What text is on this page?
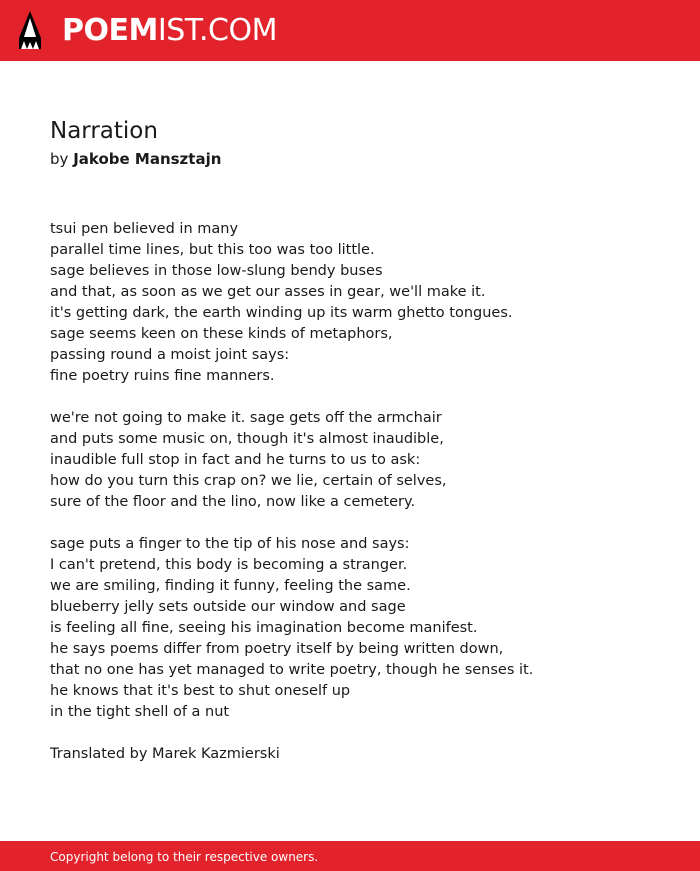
POEMIST.COM
Narration
by Jakobe Mansztajn
tsui pen believed in many
parallel time lines, but this too was too little.
sage believes in those low-slung bendy buses
and that, as soon as we get our asses in gear, we'll make it.
it's getting dark, the earth winding up its warm ghetto tongues.
sage seems keen on these kinds of metaphors,
passing round a moist joint says:
fine poetry ruins fine manners.
we're not going to make it. sage gets off the armchair
and puts some music on, though it's almost inaudible,
inaudible full stop in fact and he turns to us to ask:
how do you turn this crap on? we lie, certain of selves,
sure of the floor and the lino, now like a cemetery.
sage puts a finger to the tip of his nose and says:
I can't pretend, this body is becoming a stranger.
we are smiling, finding it funny, feeling the same.
blueberry jelly sets outside our window and sage
is feeling all fine, seeing his imagination become manifest.
he says poems differ from poetry itself by being written down,
that no one has yet managed to write poetry, though he senses it.
he knows that it's best to shut oneself up
in the tight shell of a nut
Translated by Marek Kazmierski
Copyright belong to their respective owners.
